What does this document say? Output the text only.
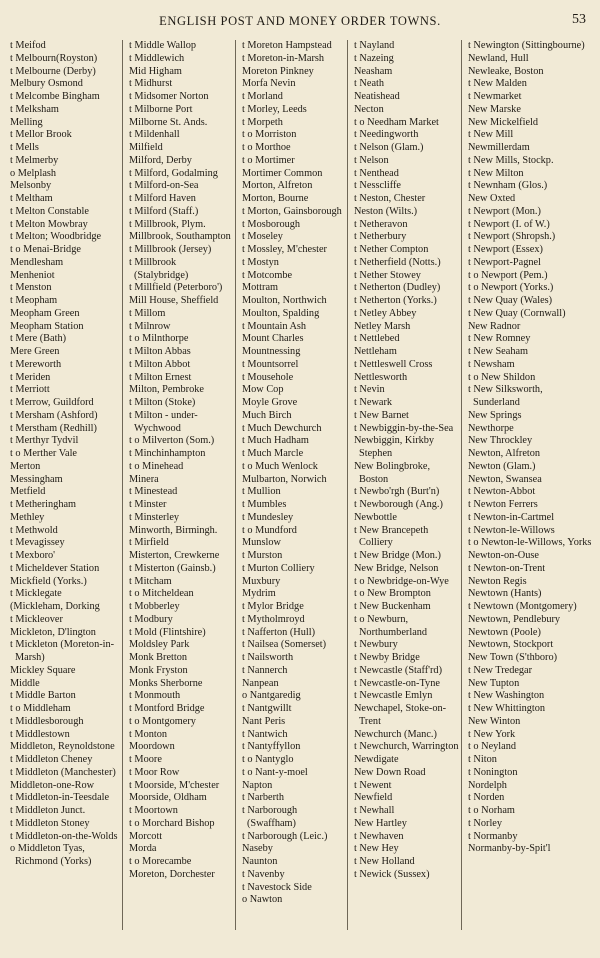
ENGLISH POST AND MONEY ORDER TOWNS.	53
t Meifod
t Melbourn(Royston)
t Melbourne (Derby)
Melbury Osmond
t Melcombe Bingham
t Melksham
Melling
t Mellor Brook
t Mells
t Melmerby
o Melplash
Melsonby
t Meltham
t Melton Constable
t Melton Mowbray
t Melton; Woodbridge
t o Menai-Bridge
Mendlesham
Menheniot
t Menston
t Meopham
Meopham Green
Meopham Station
t Mere (Bath)
Mere Green
t Mereworth
t Meriden
t Merriott
t Merrow, Guildford
t Mersham (Ashford)
t Merstham (Redhill)
t Merthyr Tydvil
t o Merther Vale
Merton
Messingham
Metfield
t Metheringham
Methley
t Methwold
t Mevagissey
t Mexboro'
t Micheldever Station
Mickfield (Yorks.)
t Micklegate
(Mickleham, Dorking
t Mickleover
Mickleton, D'lington
t Mickleton (Moreton-in-Marsh)
Mickley Square
Middle
t Middle Barton
t o Middleham
t Middlesborough
t Middlestown
Middleton, Reynoldstone
t Middleton Cheney
t Middleton (Manchester)
Middleton-one-Row
t Middleton-in-Teesdale
t Middleton Junct.
t Middleton Stoney
t Middleton-on-the-Wolds
o Middleton Tyas, Richmond (Yorks)
t Middle Wallop
t Middlewich
Mid Higham
t Midhurst
t Midsomer Norton
t Milborne Port
Milborne St. Ands.
t Mildenhall
Milfield
Milford, Derby
t Milford, Godalming
t Milford-on-Sea
t Milford Haven
t Milford (Staff.)
t Millbrook, Plym.
Millbrook, Southampton
t Millbrook (Jersey)
t Millbrook (Stalybridge)
t Millfield (Peterboro')
Mill House, Sheffield
t Millom
t Milnrow
t o Milnthorpe
t Milton Abbas
t Milton Abbot
t Milton Ernest
Milton, Pembroke
t Milton (Stoke)
t Milton - under-Wychwood
t o Milverton (Som.)
t Minchinhampton
t o Minehead
Minera
t Minestead
t Minster
t Minsterley
Minworth, Birmingh.
t Mirfield
Misterton, Crewkerne
t Misterton (Gainsb.)
t Mitcham
t o Mitcheldean
t Mobberley
t Modbury
t Mold (Flintshire)
Moldsley Park
Monk Bretton
Monk Fryston
Monks Sherborne
t Monmouth
t Montford Bridge
t o Montgomery
t Monton
Moordown
t Moore
t Moor Row
t Moorside, M'chester
Moorside, Oldham
t Moortown
t o Morchard Bishop
Morcott
Morda
t o Morecambe
Moreton, Dorchester
t Moreton Hampstead
t Moreton-in-Marsh
Moreton Pinkney
Morfa Nevin
t Morland
t Morley, Leeds
t Morpeth
t o Morriston
t o Morthoe
t o Mortimer
Mortimer Common
Morton, Alfreton
Morton, Bourne
t Morton, Gainsborough
t Mosborough
t Moseley
t Mossley, M'chester
t Mostyn
t Motcombe
Mottram
Moulton, Northwich
Moulton, Spalding
t Mountain Ash
Mount Charles
Mountnessing
t Mountsorrel
t Mousehole
Mow Cop
Moyle Grove
Much Birch
t Much Dewchurch
t Much Hadham
t Much Marcle
t o Much Wenlock
Mulbarton, Norwich
t Mullion
t Mumbles
t Mundesley
t o Mundford
Munslow
t Murston
t Murton Colliery
Muxbury
Mydrim
t Mylor Bridge
t Mytholmroyd
t Nafferton (Hull)
t Nailsea (Somerset)
t Nailsworth
t Nannerch
Nanpean
o Nantgaredig
t Nantgwillt
Nant Peris
t Nantwich
t Nantyffyllon
t o Nantyglo
t o Nant-y-moel
Napton
t Narberth
t Narborough (Swaffham)
t Narborough (Leic.)
Naseby
Naunton
t Navenby
t Navestock Side
o Nawton
t Nayland
t Nazeing
Neasham
t Neath
Neatishead
Necton
t o Needham Market
t Needingworth
t Nelson (Glam.)
t Nelson
t Nenthead
t Nesscliffe
t Neston, Chester
Neston (Wilts.)
t Netheravon
t Netherbury
t Nether Compton
t Netherfield (Notts.)
t Nether Stowey
t Netherton (Dudley)
t Netherton (Yorks.)
t Netley Abbey
Netley Marsh
t Nettlebed
Nettleham
t Nettleswell Cross
Nettlesworth
t Nevin
t Newark
t New Barnet
t Newbiggin-by-the-Sea
Newbiggin, Kirkby Stephen
New Bolingbroke, Boston
t Newbo'rgh (Burt'n)
t Newborough (Ang.)
Newbottle
t New Brancepeth Colliery
t New Bridge (Mon.)
New Bridge, Nelson
t o Newbridge-on-Wye
t o New Brompton
t New Buckenham
t o Newburn, Northumberland
t Newbury
t Newby Bridge
t Newcastle (Staff'rd)
t Newcastle-on-Tyne
t Newcastle Emlyn
Newchapel, Stoke-on-Trent
Newchurch (Manc.)
t Newchurch, Warrington
Newdigate
New Down Road
t Newent
Newfield
t Newhall
New Hartley
t Newhaven
t New Hey
t New Holland
t Newick (Sussex)
t Newington (Sittingbourne)
Newland, Hull
Newleake, Boston
t New Malden
t Newmarket
New Marske
New Mickelfield
t New Mill
Newmillerdam
t New Mills, Stockp.
t New Milton
t Newnham (Glos.)
New Oxted
t Newport (Mon.)
t Newport (I. of W.)
t Newport (Shropsh.)
t Newport (Essex)
t Newport-Pagnel
t o Newport (Pem.)
t o Newport (Yorks.)
t New Quay (Wales)
t New Quay (Cornwall)
New Radnor
t New Romney
t New Seaham
t Newsham
t o New Shildon
t New Silksworth, Sunderland
New Springs
Newthorpe
New Throckley
Newton, Alfreton
Newton (Glam.)
Newton, Swansea
t Newton-Abbot
t Newton Ferrers
t Newton-in-Cartmel
t Newton-le-Willows
t o Newton-le-Willows, Yorks
Newton-on-Ouse
t Newton-on-Trent
Newton Regis
Newtown (Hants)
t Newtown (Montgomery)
Newtown, Pendlebury
Newtown (Poole)
Newtown, Stockport
New Town (S'thboro)
t New Tredegar
New Tupton
t New Washington
t New Whittington
New Winton
t New York
t o Neyland
t Niton
t Nonington
Nordelph
t Norden
t o Norham
t Norley
t Normanby
Normanby-by-Spit'l
